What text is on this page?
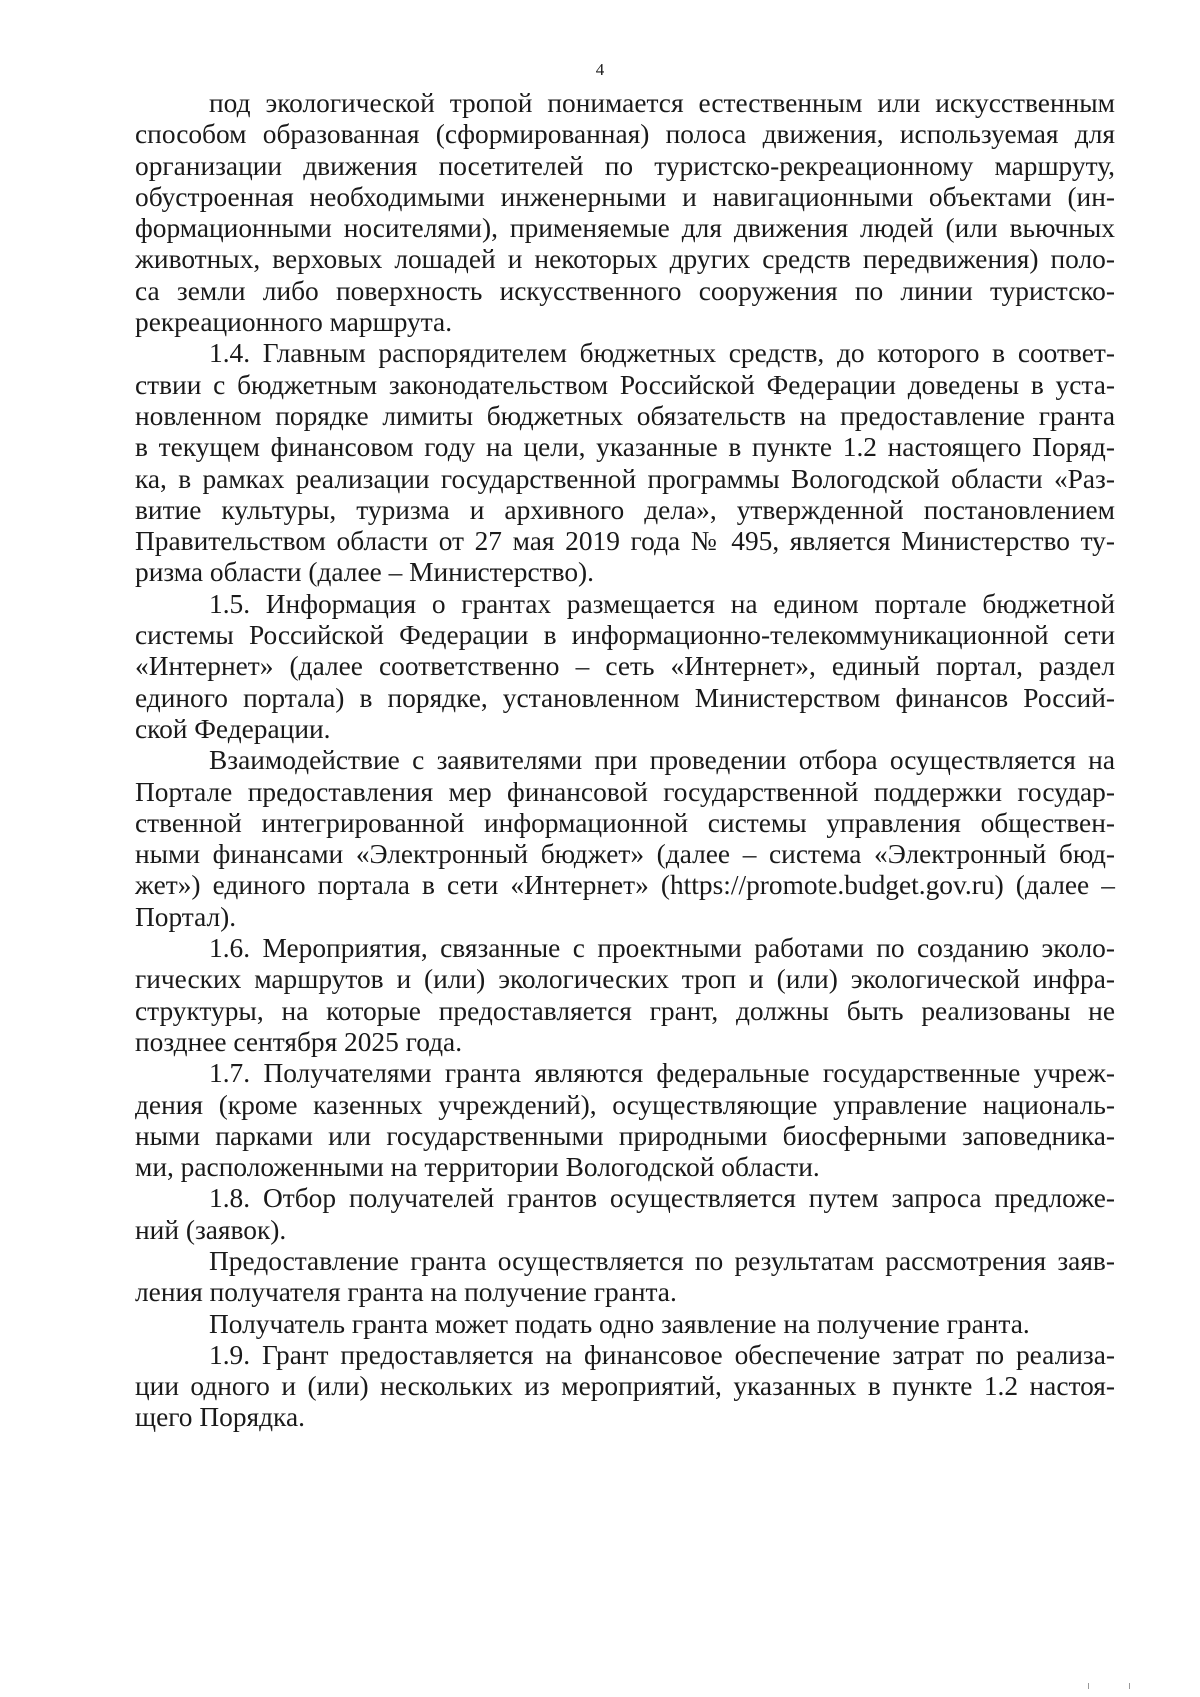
4
под экологической тропой понимается естественным или искусственным
способом образованная (сформированная) полоса движения, используемая для
организации движения посетителей по туристско-рекреационному маршруту,
обустроенная необходимыми инженерными и навигационными объектами (ин-
формационными носителями), применяемые для движения людей (или вьючных
животных, верховых лошадей и некоторых других средств передвижения) поло-
са земли либо поверхность искусственного сооружения по линии туристско-
рекреационного маршрута.
1.4. Главным распорядителем бюджетных средств, до которого в соответ-
ствии с бюджетным законодательством Российской Федерации доведены в уста-
новленном порядке лимиты бюджетных обязательств на предоставление гранта
в текущем финансовом году на цели, указанные в пункте 1.2 настоящего Поряд-
ка, в рамках реализации государственной программы Вологодской области «Раз-
витие культуры, туризма и архивного дела», утвержденной постановлением
Правительством области от 27 мая 2019 года № 495, является Министерство ту-
ризма области (далее – Министерство).
1.5. Информация о грантах размещается на едином портале бюджетной
системы Российской Федерации в информационно-телекоммуникационной сети
«Интернет» (далее соответственно – сеть «Интернет», единый портал, раздел
единого портала) в порядке, установленном Министерством финансов Россий-
ской Федерации.
Взаимодействие с заявителями при проведении отбора осуществляется на
Портале предоставления мер финансовой государственной поддержки государ-
ственной интегрированной информационной системы управления обществен-
ными финансами «Электронный бюджет» (далее – система «Электронный бюд-
жет») единого портала в сети «Интернет» (https://promote.budget.gov.ru) (далее –
Портал).
1.6. Мероприятия, связанные с проектными работами по созданию эколо-
гических маршрутов и (или) экологических троп и (или) экологической инфра-
структуры, на которые предоставляется грант, должны быть реализованы не
позднее сентября 2025 года.
1.7. Получателями гранта являются федеральные государственные учреж-
дения (кроме казенных учреждений), осуществляющие управление националь-
ными парками или государственными природными биосферными заповедника-
ми, расположенными на территории Вологодской области.
1.8. Отбор получателей грантов осуществляется путем запроса предложе-
ний (заявок).
Предоставление гранта осуществляется по результатам рассмотрения заяв-
ления получателя гранта на получение гранта.
Получатель гранта может подать одно заявление на получение гранта.
1.9. Грант предоставляется на финансовое обеспечение затрат по реализа-
ции одного и (или) нескольких из мероприятий, указанных в пункте 1.2 настоя-
щего Порядка.
